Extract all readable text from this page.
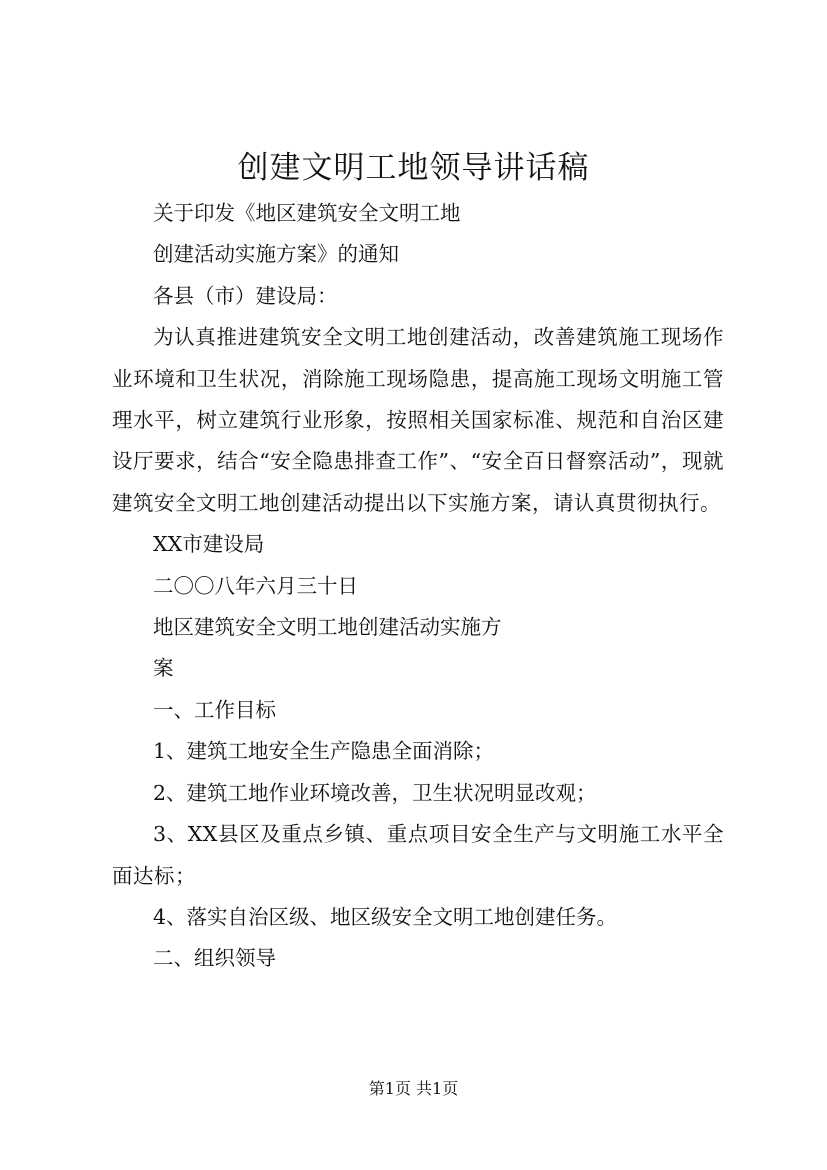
创建文明工地领导讲话稿

关于印发《地区建筑安全文明工地

创建活动实施方案》的通知

各县（市）建设局：

为认真推进建筑安全文明工地创建活动，改善建筑施工现场作业环境和卫生状况，消除施工现场隐患，提高施工现场文明施工管理水平，树立建筑行业形象，按照相关国家标准、规范和自治区建设厅要求，结合“安全隐患排查工作”、“安全百日督察活动”，现就建筑安全文明工地创建活动提出以下实施方案，请认真贯彻执行。

XX市建设局

二〇〇八年六月三十日

地区建筑安全文明工地创建活动实施方

案

一、工作目标

1、建筑工地安全生产隐患全面消除；

2、建筑工地作业环境改善，卫生状况明显改观；

3、XX县区及重点乡镇、重点项目安全生产与文明施工水平全面达标；

4、落实自治区级、地区级安全文明工地创建任务。

二、组织领导

第1页 共1页
